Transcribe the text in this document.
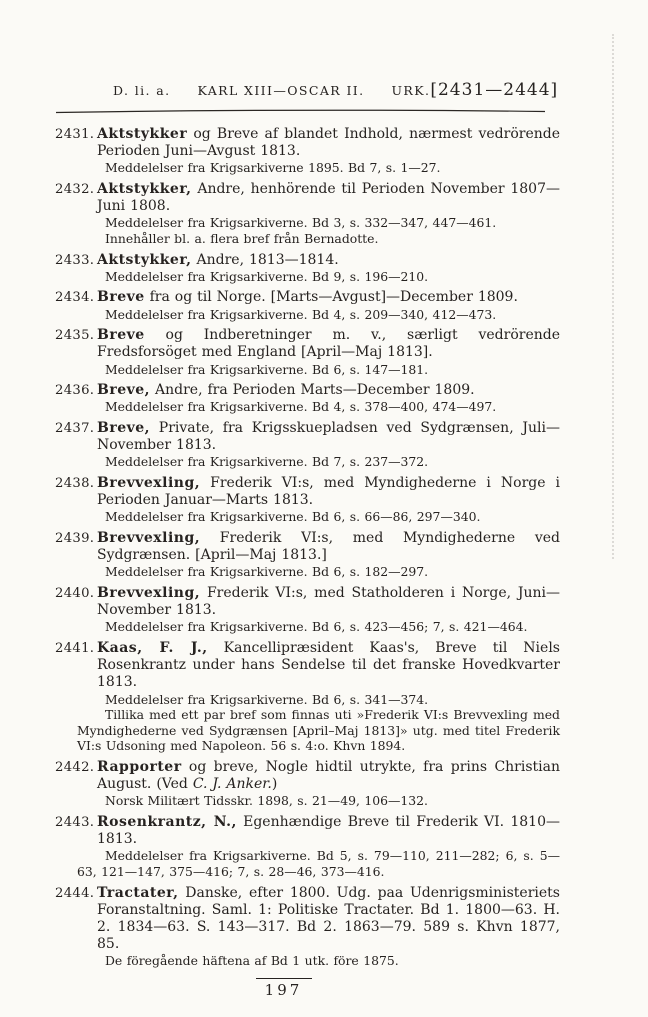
D. li. a. KARL XIII—OSCAR II. URK. [2431—2444]
2431. Aktstykker og Breve af blandet Indhold, nærmest vedrörende Perioden Juni—Avgust 1813.

Meddelelser fra Krigsarkiverne 1895. Bd 7, s. 1—27.

2432. Aktstykker, Andre, henhörende til Perioden November 1807—Juni 1808.

Meddelelser fra Krigsarkiverne. Bd 3, s. 332—347, 447—461.

Innehåller bl. a. flera bref från Bernadotte.

2433. Aktstykker, Andre, 1813—1814.

Meddelelser fra Krigsarkiverne. Bd 9, s. 196—210.

2434. Breve fra og til Norge. [Marts—Avgust]—December 1809.

Meddelelser fra Krigsarkiverne. Bd 4, s. 209—340, 412—473.

2435. Breve og Indberetninger m. v., særligt vedrörende Fredsforsöget med England [April—Maj 1813].

Meddelelser fra Krigsarkiverne. Bd 6, s. 147—181.

2436. Breve, Andre, fra Perioden Marts—December 1809.

Meddelelser fra Krigsarkiverne. Bd 4, s. 378—400, 474—497.

2437. Breve, Private, fra Krigsskuepladsen ved Sydgrænsen, Juli—November 1813.

Meddelelser fra Krigsarkiverne. Bd 7, s. 237—372.

2438. Brevvexling, Frederik VI:s, med Myndighederne i Norge i Perioden Januar—Marts 1813.

Meddelelser fra Krigsarkiverne. Bd 6, s. 66—86, 297—340.

2439. Brevvexling, Frederik VI:s, med Myndighederne ved Sydgrænsen. [April—Maj 1813.]

Meddelelser fra Krigsarkiverne. Bd 6, s. 182—297.

2440. Brevvexling, Frederik VI:s, med Statholderen i Norge, Juni—November 1813.

Meddelelser fra Krigsarkiverne. Bd 6, s. 423—456; 7, s. 421—464.

2441. Kaas, F. J., Kancellipræsident Kaas's, Breve til Niels Rosenkrantz under hans Sendelse til det franske Hovedkvarter 1813.

Meddelelser fra Krigsarkiverne. Bd 6, s. 341—374.

Tillika med ett par bref som finnas uti »Frederik VI:s Brevvexling med Myndighederne ved Sydgrænsen [April–Maj 1813]» utg. med titel Frederik VI:s Udsoning med Napoleon. 56 s. 4:o. Khvn 1894.

2442. Rapporter og breve, Nogle hidtil utrykte, fra prins Christian August. (Ved C. J. Anker.)

Norsk Militært Tidsskr. 1898, s. 21—49, 106—132.

2443. Rosenkrantz, N., Egenhændige Breve til Frederik VI. 1810—1813.

Meddelelser fra Krigsarkiverne. Bd 5, s. 79—110, 211—282; 6, s. 5—63, 121—147, 375—416; 7, s. 28—46, 373—416.

2444. Tractater, Danske, efter 1800. Udg. paa Udenrigsministeriets Foranstaltning. Saml. 1: Politiske Tractater. Bd 1. 1800—63. H. 2. 1834—63. S. 143—317. Bd 2. 1863—79. 589 s. Khvn 1877, 85.

De föregående häftena af Bd 1 utk. före 1875.

197
